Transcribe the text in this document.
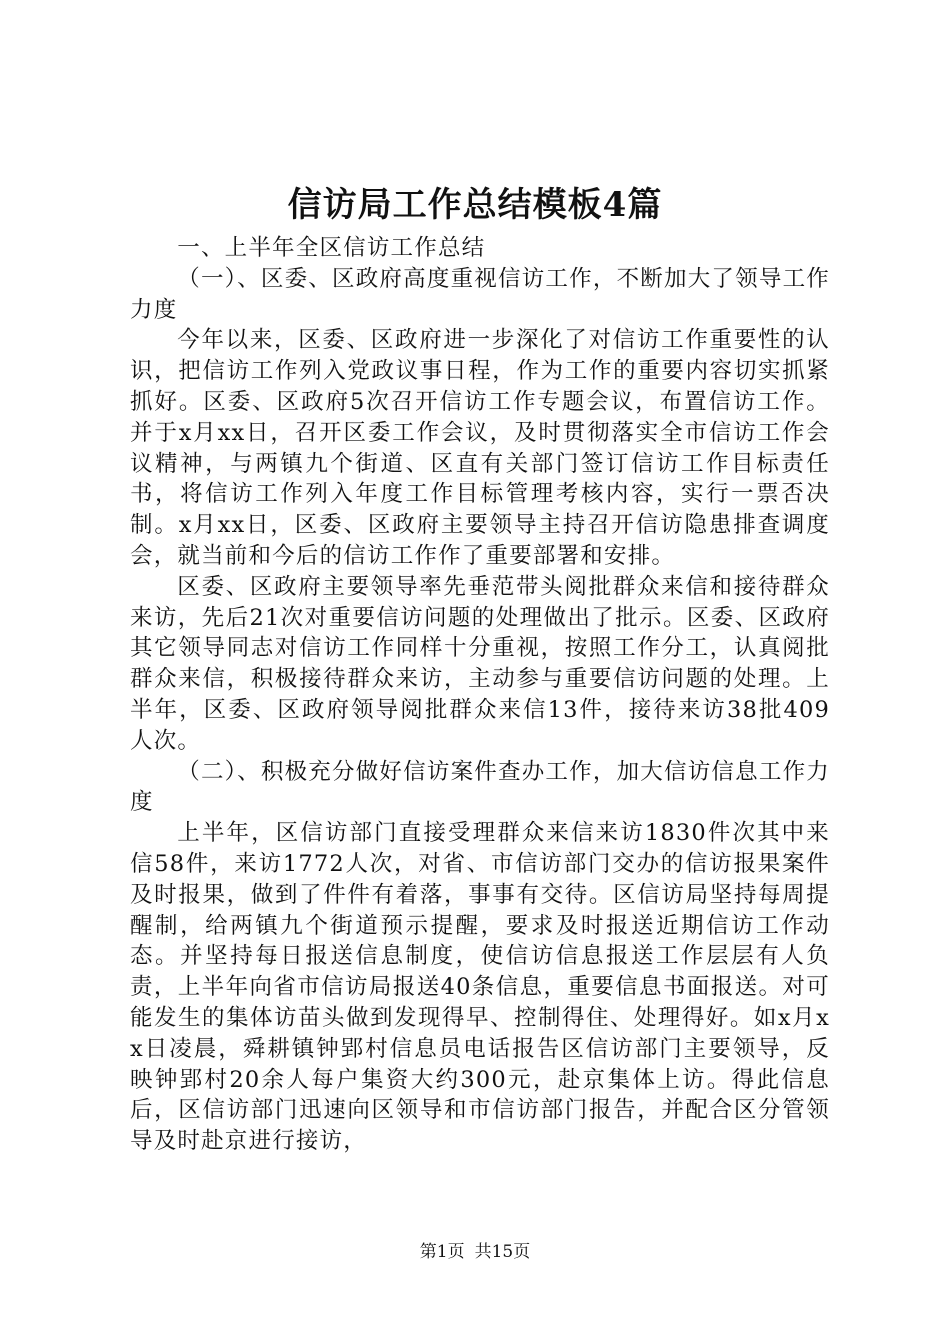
信访局工作总结模板4篇

一、上半年全区信访工作总结

（一）、区委、区政府高度重视信访工作，不断加大了领导工作力度

今年以来，区委、区政府进一步深化了对信访工作重要性的认识，把信访工作列入党政议事日程，作为工作的重要内容切实抓紧抓好。区委、区政府5次召开信访工作专题会议，布置信访工作。并于x月xx日，召开区委工作会议，及时贯彻落实全市信访工作会议精神，与两镇九个街道、区直有关部门签订信访工作目标责任书，将信访工作列入年度工作目标管理考核内容，实行一票否决制。x月xx日，区委、区政府主要领导主持召开信访隐患排查调度会，就当前和今后的信访工作作了重要部署和安排。

区委、区政府主要领导率先垂范带头阅批群众来信和接待群众来访，先后21次对重要信访问题的处理做出了批示。区委、区政府其它领导同志对信访工作同样十分重视，按照工作分工，认真阅批群众来信，积极接待群众来访，主动参与重要信访问题的处理。上半年，区委、区政府领导阅批群众来信13件，接待来访38批409人次。

（二）、积极充分做好信访案件查办工作，加大信访信息工作力度

上半年，区信访部门直接受理群众来信来访1830件次其中来信58件，来访1772人次，对省、市信访部门交办的信访报果案件及时报果，做到了件件有着落，事事有交待。区信访局坚持每周提醒制，给两镇九个街道预示提醒，要求及时报送近期信访工作动态。并坚持每日报送信息制度，使信访信息报送工作层层有人负责，上半年向省市信访局报送40条信息，重要信息书面报送。对可能发生的集体访苗头做到发现得早、控制得住、处理得好。如x月xx日凌晨，舜耕镇钟郢村信息员电话报告区信访部门主要领导，反映钟郢村20余人每户集资大约300元，赴京集体上访。得此信息后，区信访部门迅速向区领导和市信访部门报告，并配合区分管领导及时赴京进行接访，

第1页 共15页
